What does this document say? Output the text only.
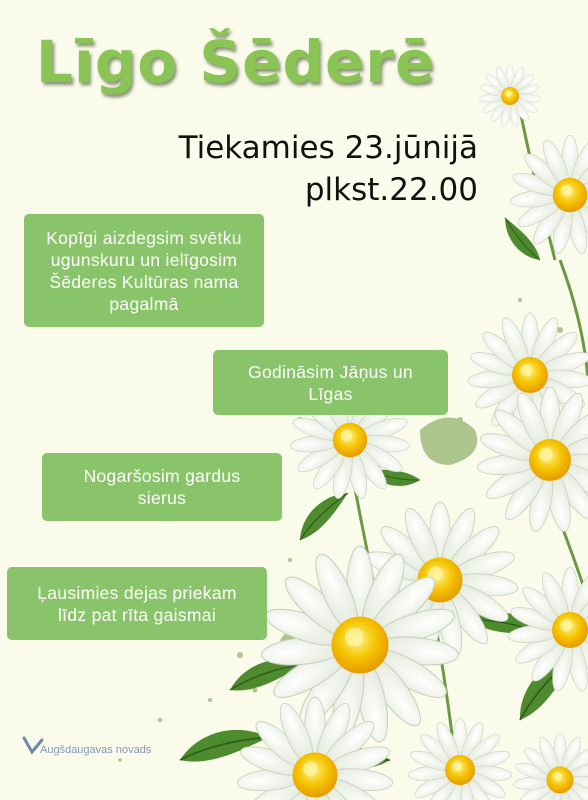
Līgo Šēderē

Tiekamies 23.jūnijā

plkst.22.00

Kopīgi aizdegsim svētku
ugunskuru un ielīgosim
Šēderes Kultūras nama
pagalmā
Godināsim Jāņus un
Līgas
Nogaršosim gardus
sierus
Ļausimies dejas priekam
līdz pat rīta gaismai
Augšdaugavas novads
